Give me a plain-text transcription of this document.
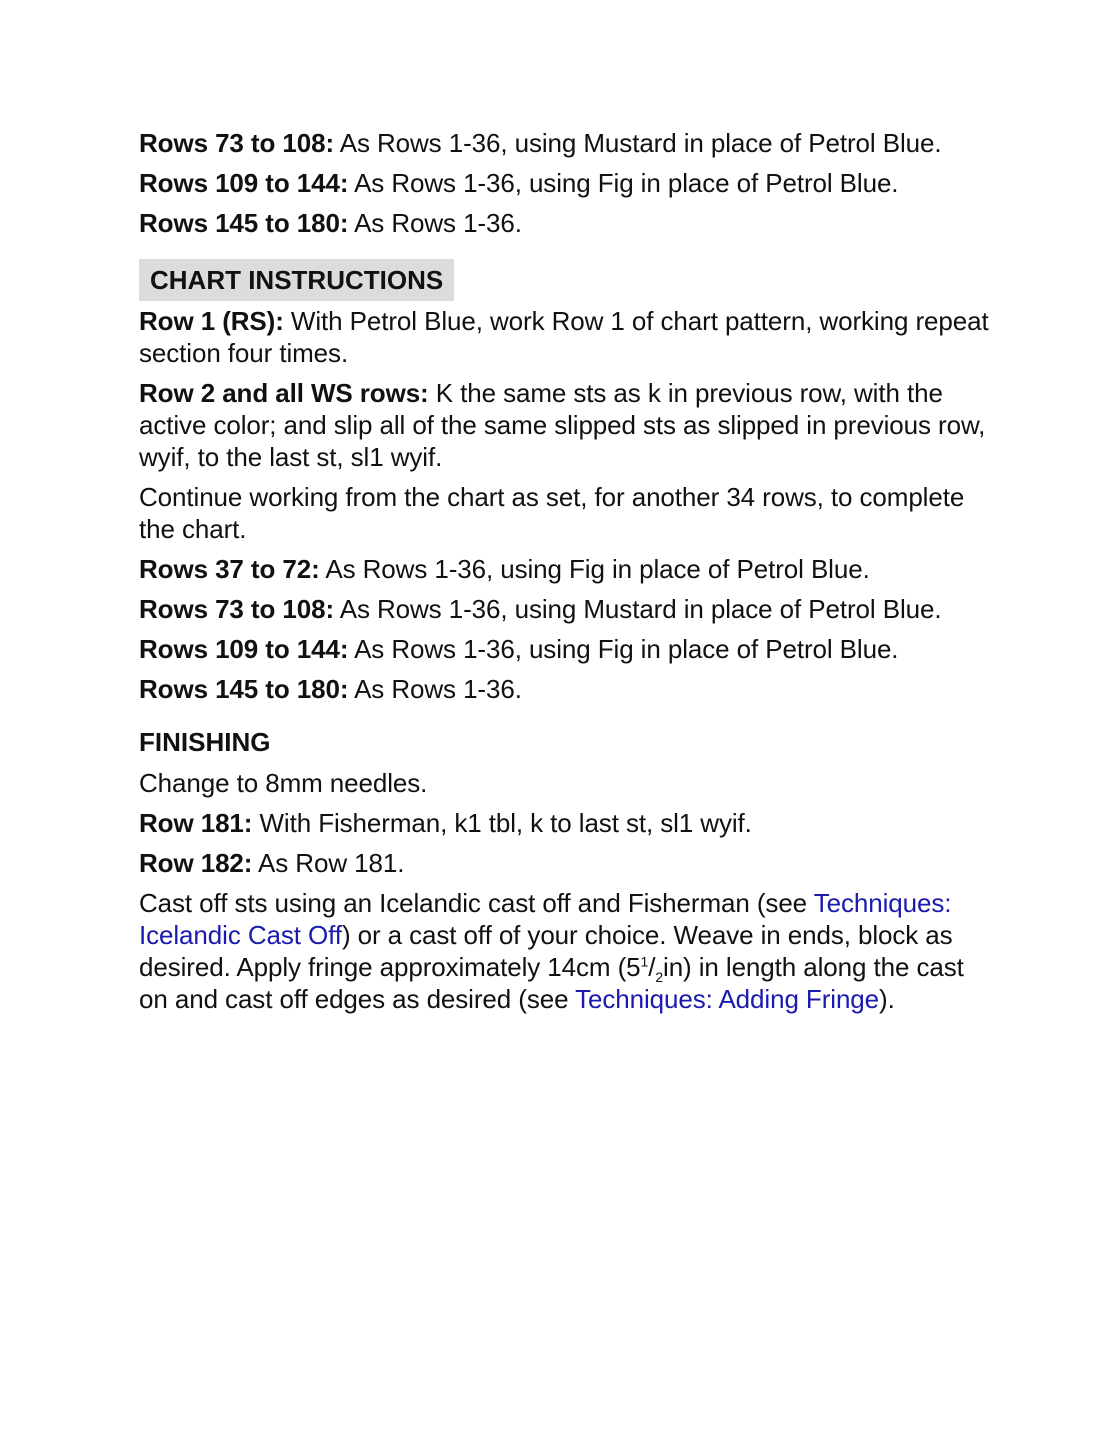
Rows 73 to 108: As Rows 1-36, using Mustard in place of Petrol Blue.

Rows 109 to 144: As Rows 1-36, using Fig in place of Petrol Blue.

Rows 145 to 180: As Rows 1-36.

CHART INSTRUCTIONS

Row 1 (RS): With Petrol Blue, work Row 1 of chart pattern, working repeat section four times.

Row 2 and all WS rows: K the same sts as k in previous row, with the active color; and slip all of the same slipped sts as slipped in previous row, wyif, to the last st, sl1 wyif.

Continue working from the chart as set, for another 34 rows, to complete the chart.

Rows 37 to 72: As Rows 1-36, using Fig in place of Petrol Blue.

Rows 73 to 108: As Rows 1-36, using Mustard in place of Petrol Blue.

Rows 109 to 144: As Rows 1-36, using Fig in place of Petrol Blue.

Rows 145 to 180: As Rows 1-36.

FINISHING

Change to 8mm needles.

Row 181: With Fisherman, k1 tbl, k to last st, sl1 wyif.

Row 182: As Row 181.

Cast off sts using an Icelandic cast off and Fisherman (see Techniques: Icelandic Cast Off) or a cast off of your choice. Weave in ends, block as desired. Apply fringe approximately 14cm $(5^1/_2in)$ in length along the cast on and cast off edges as desired (see Techniques: Adding Fringe).
